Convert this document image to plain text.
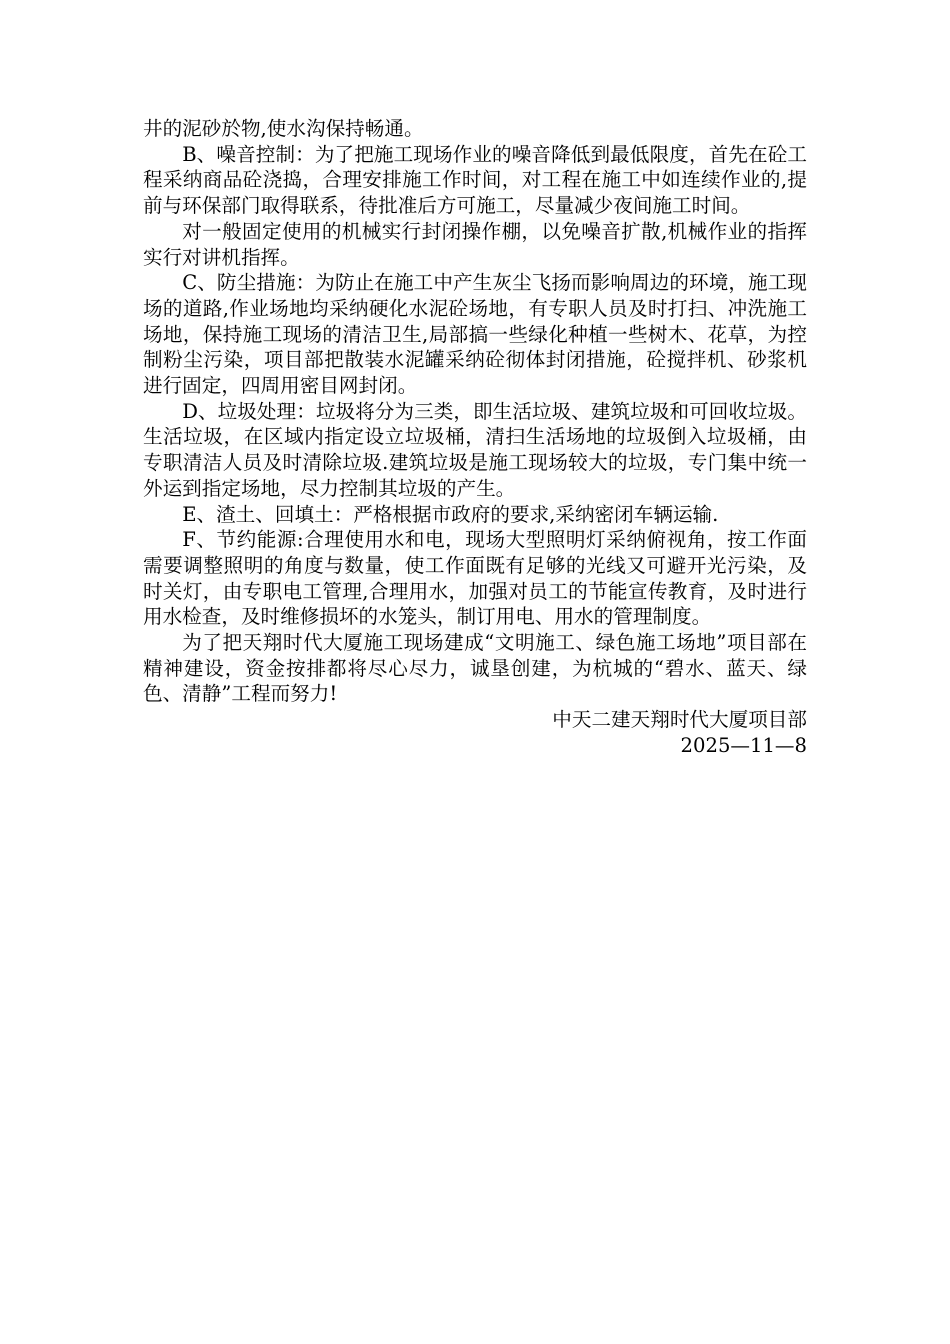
井的泥砂於物,使水沟保持畅通。

B、噪音控制：为了把施工现场作业的噪音降低到最低限度，首先在砼工程采纳商品砼浇捣，合理安排施工作时间，对工程在施工中如连续作业的,提前与环保部门取得联系，待批准后方可施工，尽量减少夜间施工时间。

对一般固定使用的机械实行封闭操作棚，以免噪音扩散,机械作业的指挥实行对讲机指挥。

C、防尘措施：为防止在施工中产生灰尘飞扬而影响周边的环境，施工现场的道路,作业场地均采纳硬化水泥砼场地，有专职人员及时打扫、冲洗施工场地，保持施工现场的清洁卫生,局部搞一些绿化种植一些树木、花草，为控制粉尘污染，项目部把散装水泥罐采纳砼彻体封闭措施，砼搅拌机、砂浆机进行固定，四周用密目网封闭。

D、垃圾处理：垃圾将分为三类，即生活垃圾、建筑垃圾和可回收垃圾。生活垃圾，在区域内指定设立垃圾桶，清扫生活场地的垃圾倒入垃圾桶，由专职清洁人员及时清除垃圾.建筑垃圾是施工现场较大的垃圾，专门集中统一外运到指定场地，尽力控制其垃圾的产生。

E、渣土、回填土：严格根据市政府的要求,采纳密闭车辆运输.

F、节约能源:合理使用水和电，现场大型照明灯采纳俯视角，按工作面需要调整照明的角度与数量，使工作面既有足够的光线又可避开光污染，及时关灯，由专职电工管理,合理用水，加强对员工的节能宣传教育，及时进行用水检查，及时维修损坏的水笼头，制订用电、用水的管理制度。

为了把天翔时代大厦施工现场建成“文明施工、绿色施工场地”项目部在精神建设，资金按排都将尽心尽力，诚垦创建，为杭城的“碧水、蓝天、绿色、清静”工程而努力!

中天二建天翔时代大厦项目部

2025—11—8
